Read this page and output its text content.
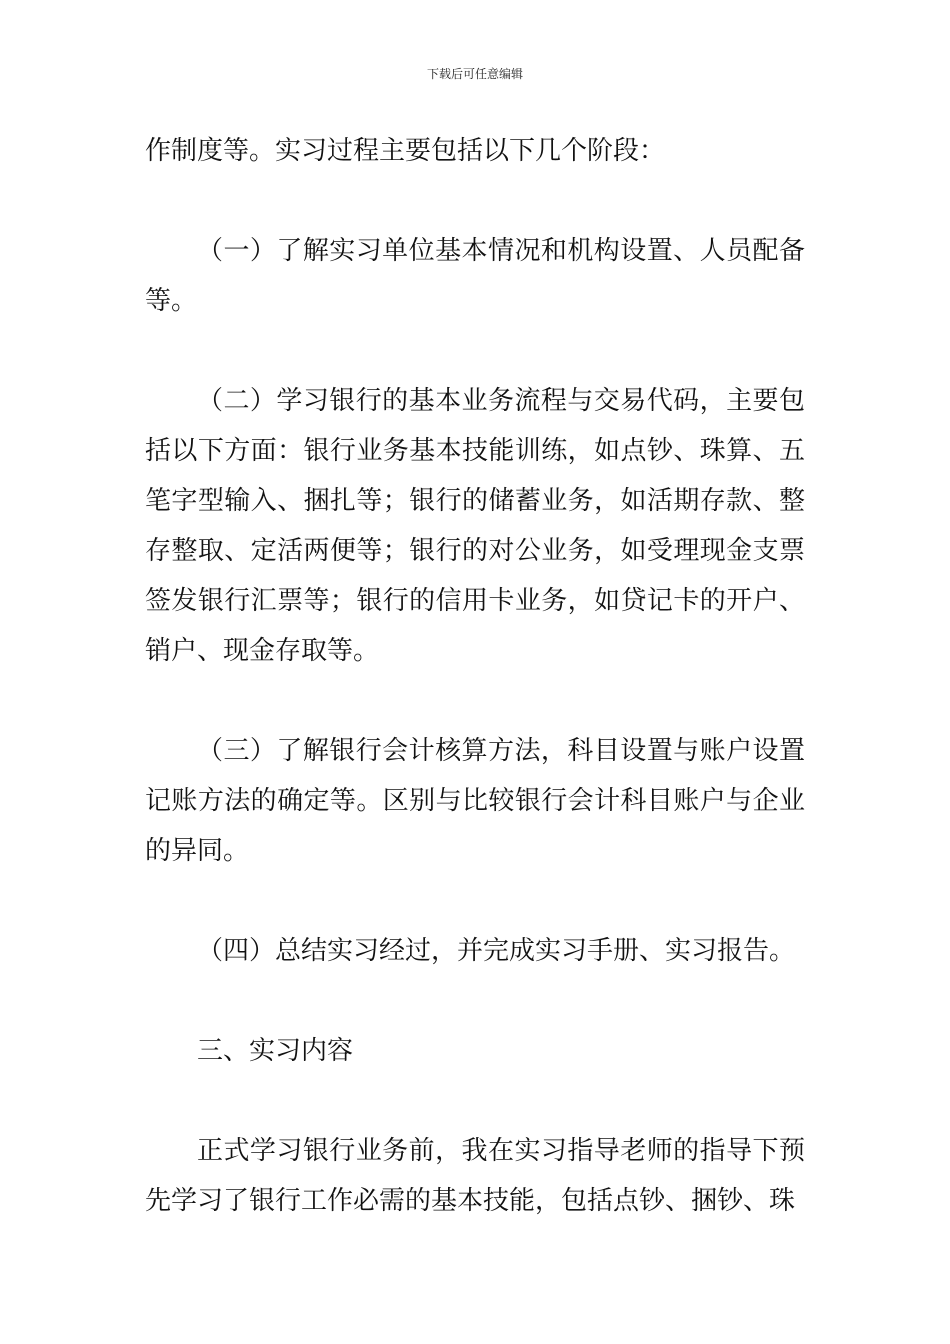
下载后可任意编辑

作制度等。实习过程主要包括以下几个阶段：

（一）了解实习单位基本情况和机构设置、人员配备等。

（二）学习银行的基本业务流程与交易代码，主要包括以下方面：银行业务基本技能训练，如点钞、珠算、五笔字型输入、捆扎等；银行的储蓄业务，如活期存款、整存整取、定活两便等；银行的对公业务，如受理现金支票签发银行汇票等；银行的信用卡业务，如贷记卡的开户、销户、现金存取等。

（三）了解银行会计核算方法，科目设置与账户设置记账方法的确定等。区别与比较银行会计科目账户与企业的异同。

（四）总结实习经过，并完成实习手册、实习报告。

三、实习内容

正式学习银行业务前，我在实习指导老师的指导下预先学习了银行工作必需的基本技能，包括点钞、捆钞、珠
